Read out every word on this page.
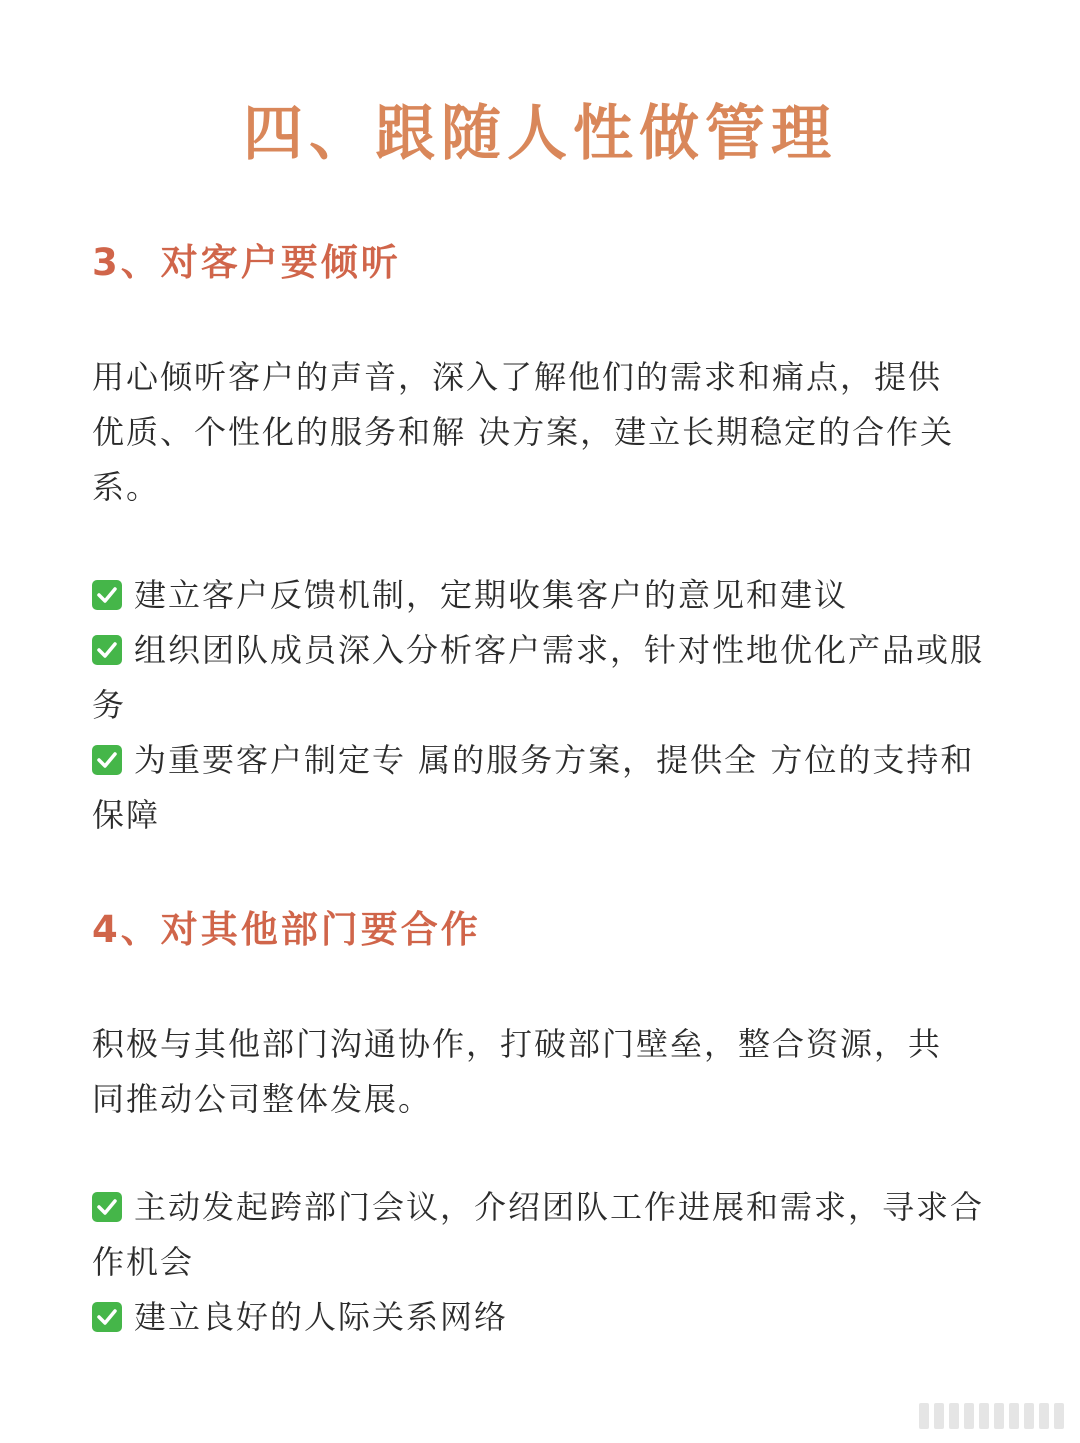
四、跟随人性做管理
3、对客户要倾听

用心倾听客户的声音，深入了解他们的需求和痛点，提供优质、个性化的服务和解 决方案，建立长期稳定的合作关系。

建立客户反馈机制，定期收集客户的意见和建议
组织团队成员深入分析客户需求，针对性地优化产品或服务
为重要客户制定专 属的服务方案，提供全 方位的支持和保障
4、对其他部门要合作

积极与其他部门沟通协作，打破部门壁垒，整合资源，共同推动公司整体发展。

主动发起跨部门会议，介绍团队工作进展和需求，寻求合作机会
建立良好的人际关系网络
